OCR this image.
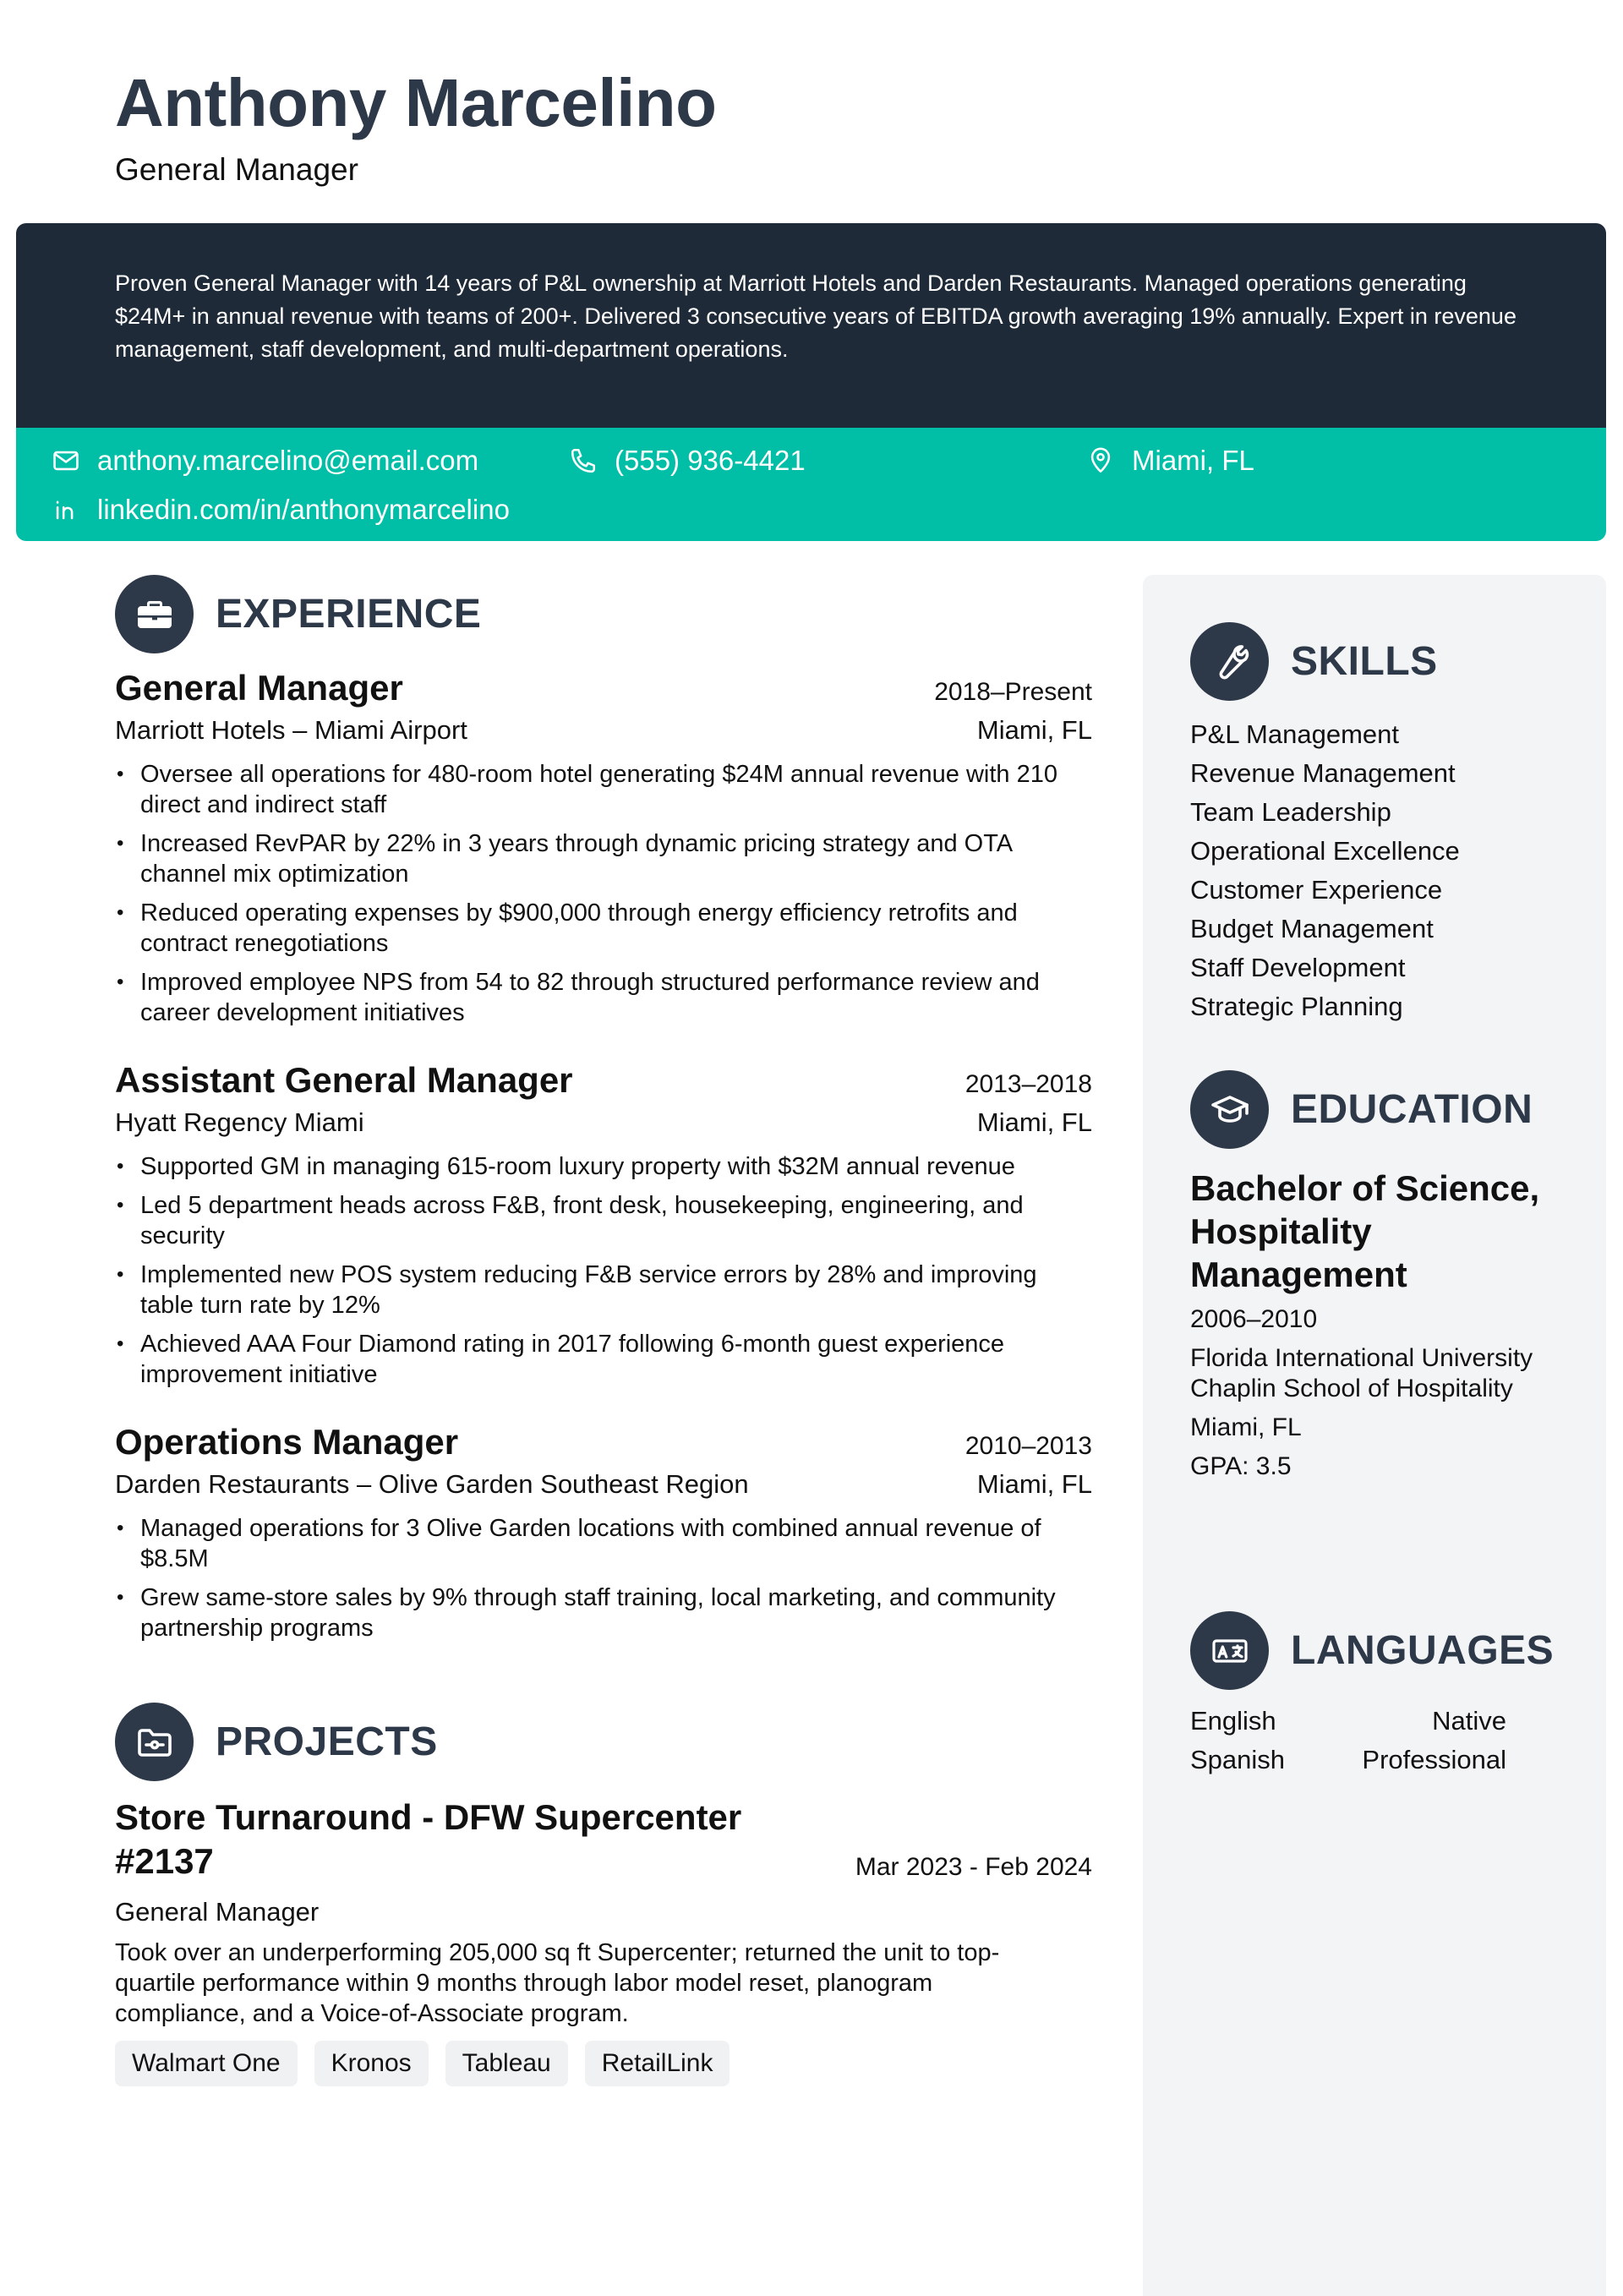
Anthony Marcelino
General Manager
Proven General Manager with 14 years of P&L ownership at Marriott Hotels and Darden Restaurants. Managed operations generating $24M+ in annual revenue with teams of 200+. Delivered 3 consecutive years of EBITDA growth averaging 19% annually. Expert in revenue management, staff development, and multi-department operations.
anthony.marcelino@email.com	(555) 936-4421	Miami, FL
linkedin.com/in/anthonymarcelino
EXPERIENCE
General Manager	2018–Present
Marriott Hotels – Miami Airport	Miami, FL
• Oversee all operations for 480-room hotel generating $24M annual revenue with 210 direct and indirect staff
• Increased RevPAR by 22% in 3 years through dynamic pricing strategy and OTA channel mix optimization
• Reduced operating expenses by $900,000 through energy efficiency retrofits and contract renegotiations
• Improved employee NPS from 54 to 82 through structured performance review and career development initiatives
Assistant General Manager	2013–2018
Hyatt Regency Miami	Miami, FL
• Supported GM in managing 615-room luxury property with $32M annual revenue
• Led 5 department heads across F&B, front desk, housekeeping, engineering, and security
• Implemented new POS system reducing F&B service errors by 28% and improving table turn rate by 12%
• Achieved AAA Four Diamond rating in 2017 following 6-month guest experience improvement initiative
Operations Manager	2010–2013
Darden Restaurants – Olive Garden Southeast Region	Miami, FL
• Managed operations for 3 Olive Garden locations with combined annual revenue of $8.5M
• Grew same-store sales by 9% through staff training, local marketing, and community partnership programs
PROJECTS
Store Turnaround - DFW Supercenter #2137	Mar 2023 - Feb 2024
General Manager
Took over an underperforming 205,000 sq ft Supercenter; returned the unit to top-quartile performance within 9 months through labor model reset, planogram compliance, and a Voice-of-Associate program.
Walmart One	Kronos	Tableau	RetailLink
SKILLS
P&L Management
Revenue Management
Team Leadership
Operational Excellence
Customer Experience
Budget Management
Staff Development
Strategic Planning
EDUCATION
Bachelor of Science, Hospitality Management
2006–2010
Florida International University Chaplin School of Hospitality
Miami, FL
GPA: 3.5
LANGUAGES
English	Native
Spanish	Professional
